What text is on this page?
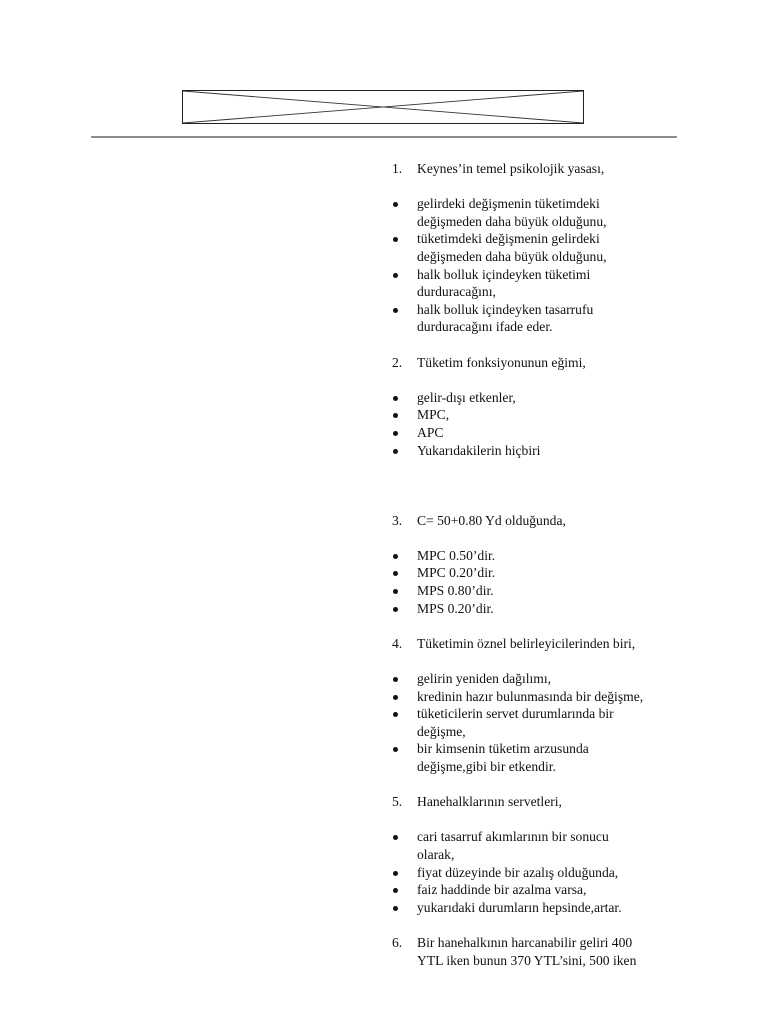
1. Keynes’in temel psikolojik yasası,
gelirdeki değişmenin tüketimdeki
değişmeden daha büyük olduğunu,
tüketimdeki değişmenin gelirdeki
değişmeden daha büyük olduğunu,
halk bolluk içindeyken tüketimi
durduracağını,
halk bolluk içindeyken tasarrufu
durduracağını ifade eder.
2. Tüketim fonksiyonunun eğimi,
gelir-dışı etkenler,
MPC,
APC
Yukarıdakilerin hiçbiri
3. C= 50+0.80 Yd olduğunda,
MPC 0.50’dir.
MPC 0.20’dir.
MPS 0.80’dir.
MPS 0.20’dir.
4. Tüketimin öznel belirleyicilerinden biri,
gelirin yeniden dağılımı,
kredinin hazır bulunmasında bir değişme,
tüketicilerin servet durumlarında bir
değişme,
bir kimsenin tüketim arzusunda
değişme,gibi bir etkendir.
5. Hanehalklarının servetleri,
cari tasarruf akımlarının bir sonucu
olarak,
fiyat düzeyinde bir azalış olduğunda,
faiz haddinde bir azalma varsa,
yukarıdaki durumların hepsinde,artar.
6. Bir hanehalkının harcanabilir geliri 400
YTL iken bunun 370 YTL’sini, 500 iken
